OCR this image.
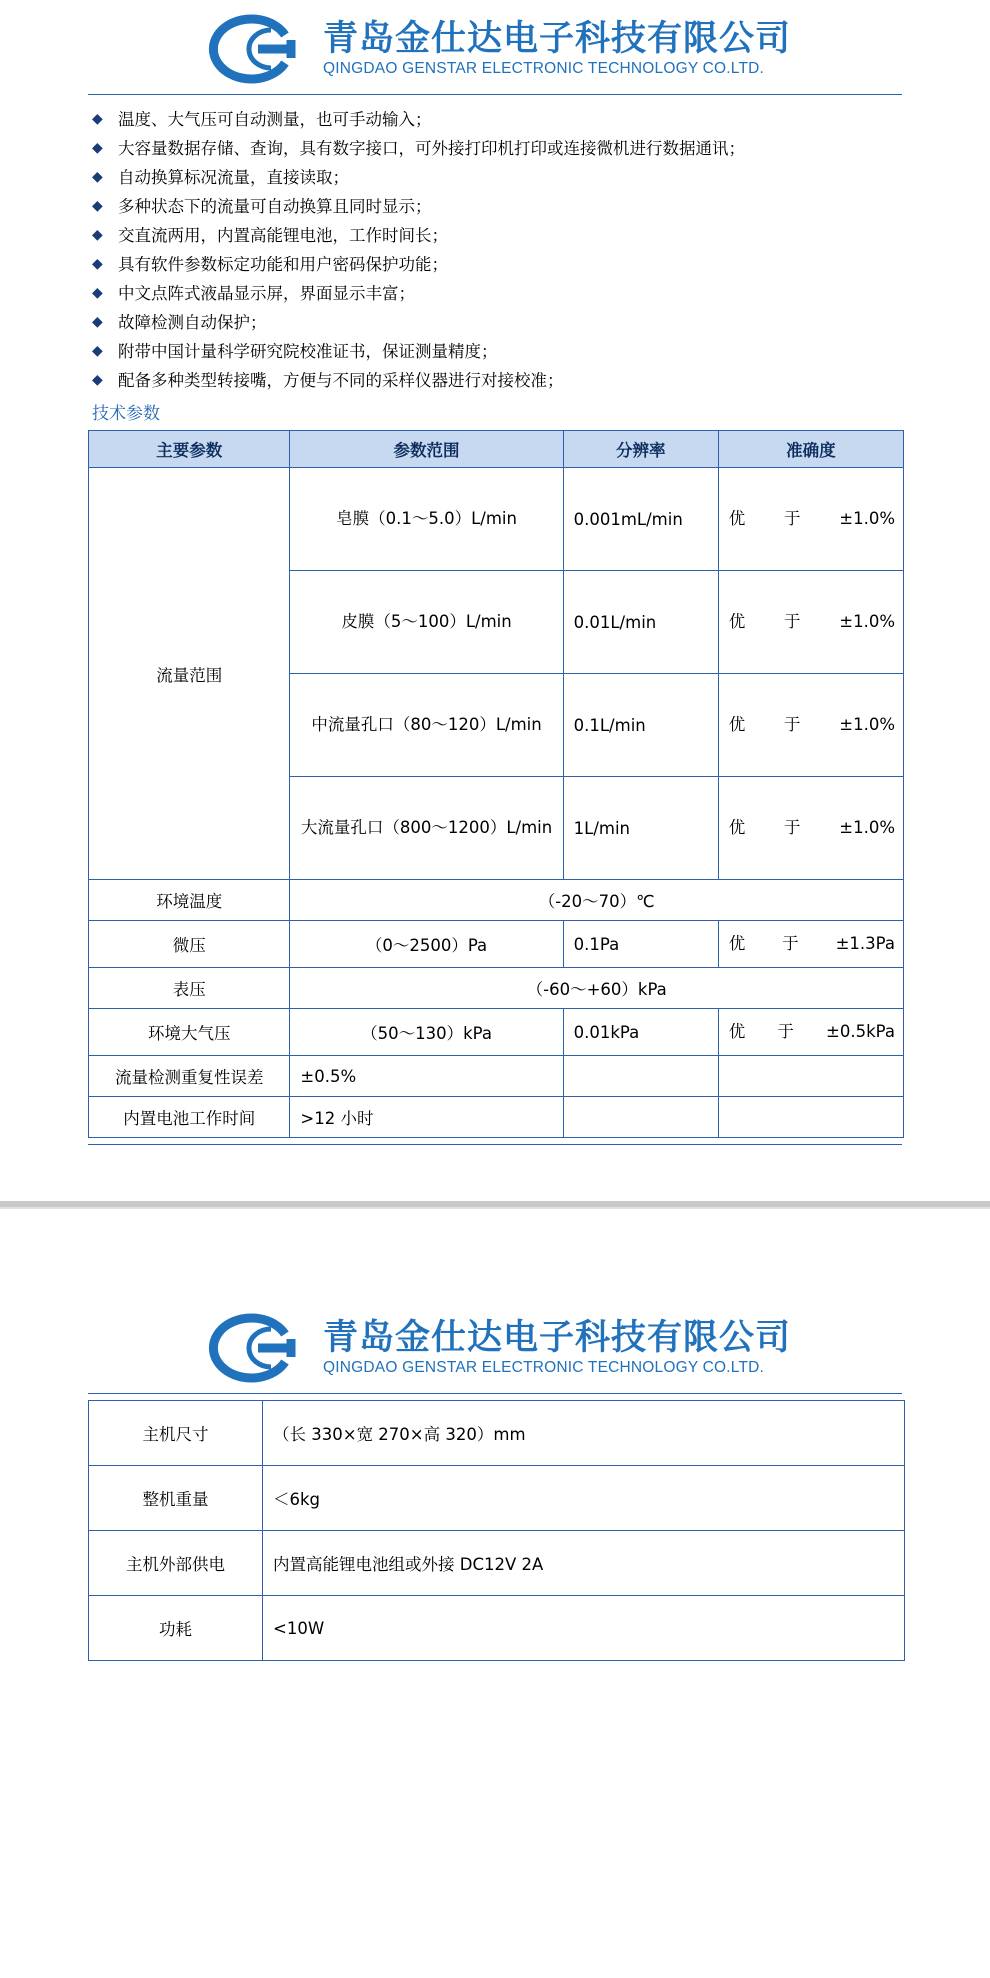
青岛金仕达电子科技有限公司
QINGDAO GENSTAR ELECTRONIC TECHNOLOGY CO.LTD.
◆ 温度、大气压可自动测量，也可手动输入；
◆ 大容量数据存储、查询，具有数字接口，可外接打印机打印或连接微机进行数据通讯；
◆ 自动换算标况流量，直接读取；
◆ 多种状态下的流量可自动换算且同时显示；
◆ 交直流两用，内置高能锂电池，工作时间长；
◆ 具有软件参数标定功能和用户密码保护功能；
◆ 中文点阵式液晶显示屏，界面显示丰富；
◆ 故障检测自动保护；
◆ 附带中国计量科学研究院校准证书，保证测量精度；
◆ 配备多种类型转接嘴，方便与不同的采样仪器进行对接校准；
技术参数
主要参数	参数范围	分辨率	准确度
流量范围	皂膜（0.1～5.0）L/min	0.001mL/min	优 于 ±1.0%
	皮膜（5～100）L/min	0.01L/min	优 于 ±1.0%
	中流量孔口（80～120）L/min	0.1L/min	优 于 ±1.0%
	大流量孔口（800～1200）L/min	1L/min	优 于 ±1.0%
环境温度	（-20～70）℃		
微压	（0～2500）Pa	0.1Pa	优 于 ±1.3Pa
表压	（-60～+60）kPa		
环境大气压	（50～130）kPa	0.01kPa	优 于 ±0.5kPa
流量检测重复性误差	±0.5%		
内置电池工作时间	>12 小时		
青岛金仕达电子科技有限公司
QINGDAO GENSTAR ELECTRONIC TECHNOLOGY CO.LTD.
主机尺寸	（长 330×宽 270×高 320）mm
整机重量	＜6kg
主机外部供电	内置高能锂电池组或外接 DC12V 2A
功耗	<10W
